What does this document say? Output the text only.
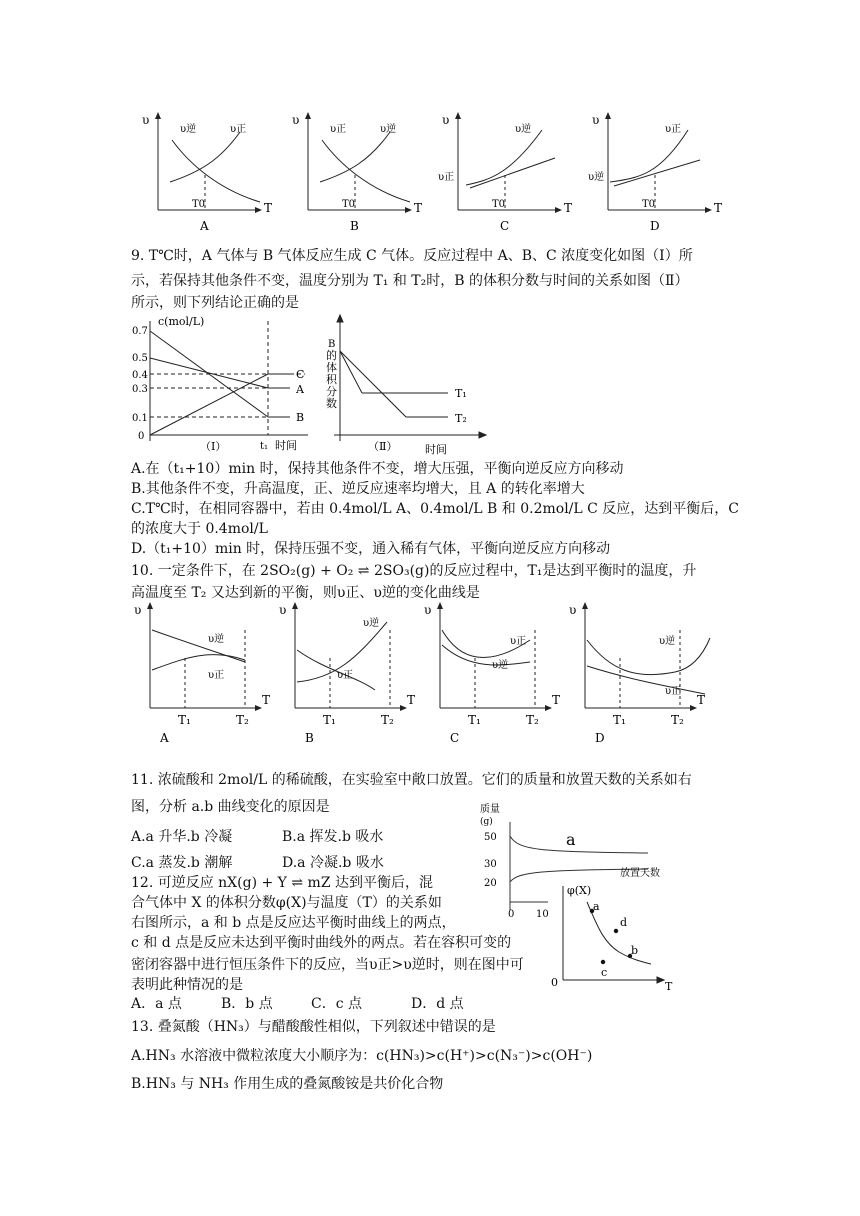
υ
T
υ逆	υ正
T0
A
υ
T
υ正	υ逆
T0
B
υ
T
υ逆
υ正
T0
C
υ
T
υ正
υ逆
T0
D
9. T℃时，A 气体与 B 气体反应生成 C 气体。反应过程中 A、B、C 浓度变化如图（Ⅰ）所
示，若保持其他条件不变，温度分别为 T₁ 和 T₂时，B 的体积分数与时间的关系如图（Ⅱ）
所示，则下列结论正确的是
c(mol/L)
0.7
0.5
0.4
0.3
0.1
0
C
A
B
（Ⅰ）	t₁ 时间
B
的
体
积
分
数
T₁
T₂
（Ⅱ）	时间
A.在（t₁+10）min 时，保持其他条件不变，增大压强，平衡向逆反应方向移动
B.其他条件不变，升高温度，正、逆反应速率均增大，且 A 的转化率增大
C.T℃时，在相同容器中，若由 0.4mol/L A、0.4mol/L B 和 0.2mol/L C 反应，达到平衡后，C
的浓度大于 0.4mol/L
D.（t₁+10）min 时，保持压强不变，通入稀有气体，平衡向逆反应方向移动
10. 一定条件下，在 2SO₂(g) + O₂ ⇌ 2SO₃(g)的反应过程中，T₁是达到平衡时的温度，升
高温度至 T₂ 又达到新的平衡，则υ正、υ逆的变化曲线是
υ
T
υ逆
υ正
T₁	T₂
A
υ
T
υ逆
υ正
T₁	T₂
B
υ
T
υ正
υ逆
T₁	T₂
C
υ
T
υ逆
υ正
T₁	T₂
D
11. 浓硫酸和 2mol/L 的稀硫酸，在实验室中敞口放置。它们的质量和放置天数的关系如右
图，分析 a.b 曲线变化的原因是
A.a 升华.b 冷凝	B.a 挥发.b 吸水
C.a 蒸发.b 潮解	D.a 冷凝.b 吸水
质量
(g)
50
30
20
0 10
a
放置天数
12. 可逆反应 nX(g) + Y ⇌ mZ 达到平衡后，混
合气体中 X 的体积分数φ(X)与温度（T）的关系如
右图所示，a 和 b 点是反应达平衡时曲线上的两点，
c 和 d 点是反应未达到平衡时曲线外的两点。若在容积可变的
密闭容器中进行恒压条件下的反应，当υ正>υ逆时，则在图中可
表明此种情况的是
A．a 点	B．b 点	C．c 点	D．d 点
φ(X)
0	T
a
b
c
d
13. 叠氮酸（HN₃）与醋酸酸性相似，下列叙述中错误的是
A.HN₃ 水溶液中微粒浓度大小顺序为：c(HN₃)>c(H⁺)>c(N₃⁻)>c(OH⁻)
B.HN₃ 与 NH₃ 作用生成的叠氮酸铵是共价化合物
